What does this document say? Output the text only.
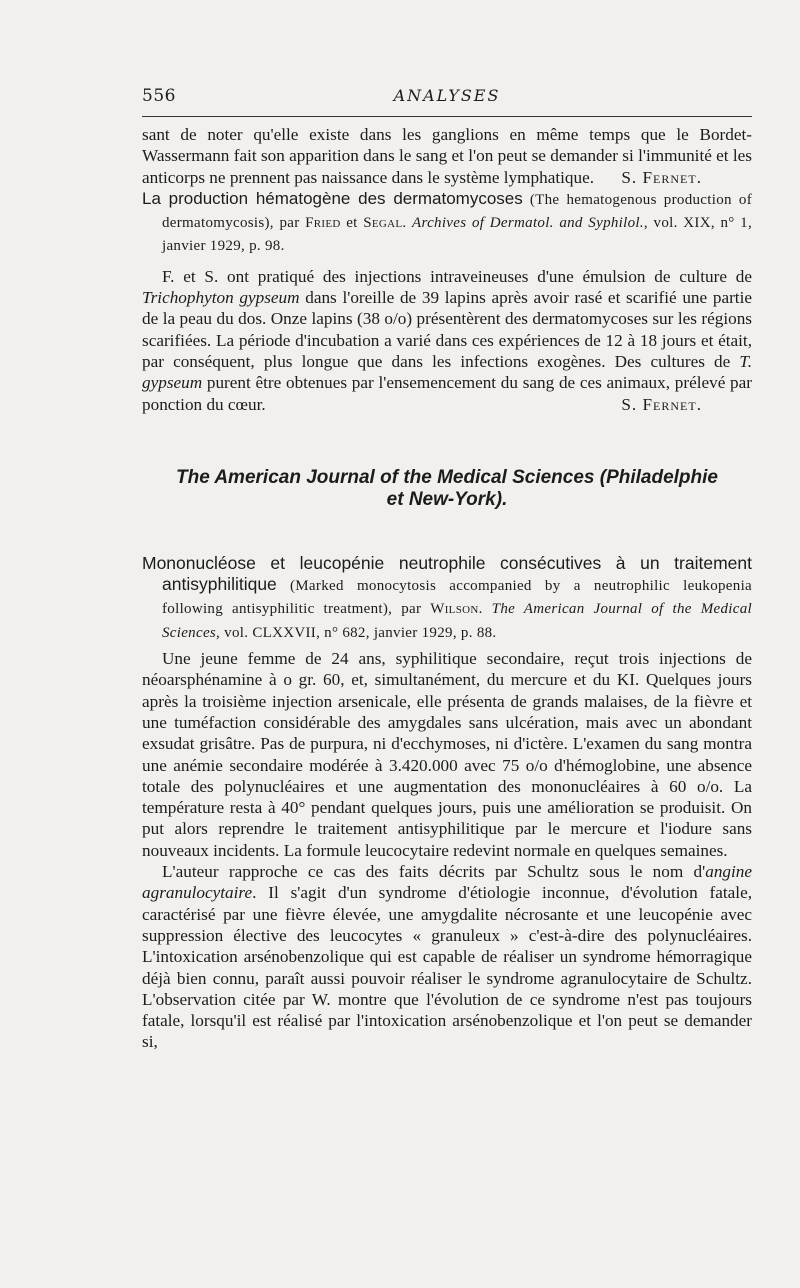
556	ANALYSES

sant de noter qu'elle existe dans les ganglions en même temps que le Bordet-Wassermann fait son apparition dans le sang et l'on peut se demander si l'immunité et les anticorps ne prennent pas naissance dans le système lymphatique. S. Fernet.

La production hématogène des dermatomycoses (The hematogenous production of dermatomycosis), par Fried et Segal. Archives of Dermatol. and Syphilol., vol. XIX, n° 1, janvier 1929, p. 98.

F. et S. ont pratiqué des injections intraveineuses d'une émulsion de culture de Trichophyton gypseum dans l'oreille de 39 lapins après avoir rasé et scarifié une partie de la peau du dos. Onze lapins (38 o/o) présentèrent des dermatomycoses sur les régions scarifiées. La période d'incubation a varié dans ces expériences de 12 à 18 jours et était, par conséquent, plus longue que dans les infections exogènes. Des cultures de T. gypseum purent être obtenues par l'ensemencement du sang de ces animaux, prélevé par ponction du cœur.	S. Fernet.

The American Journal of the Medical Sciences (Philadelphie
et New-York).

Mononucléose et leucopénie neutrophile consécutives à un traitement antisyphilitique (Marked monocytosis accompanied by a neutrophilic leukopenia following antisyphilitic treatment), par Wilson. The American Journal of the Medical Sciences, vol. CLXXVII, n° 682, janvier 1929, p. 88.

Une jeune femme de 24 ans, syphilitique secondaire, reçut trois injections de néoarsphénamine à o gr. 60, et, simultanément, du mercure et du KI. Quelques jours après la troisième injection arsenicale, elle présenta de grands malaises, de la fièvre et une tuméfaction considérable des amygdales sans ulcération, mais avec un abondant exsudat grisâtre. Pas de purpura, ni d'ecchymoses, ni d'ictère. L'examen du sang montra une anémie secondaire modérée à 3.420.000 avec 75 o/o d'hémoglobine, une absence totale des polynucléaires et une augmentation des mononucléaires à 60 o/o. La température resta à 40° pendant quelques jours, puis une amélioration se produisit. On put alors reprendre le traitement antisyphilitique par le mercure et l'iodure sans nouveaux incidents. La formule leucocytaire redevint normale en quelques semaines.

L'auteur rapproche ce cas des faits décrits par Schultz sous le nom d'angine agranulocytaire. Il s'agit d'un syndrome d'étiologie inconnue, d'évolution fatale, caractérisé par une fièvre élevée, une amygdalite nécrosante et une leucopénie avec suppression élective des leucocytes « granuleux » c'est-à-dire des polynucléaires. L'intoxication arsénobenzolique qui est capable de réaliser un syndrome hémorragique déjà bien connu, paraît aussi pouvoir réaliser le syndrome agranulocytaire de Schultz. L'observation citée par W. montre que l'évolution de ce syndrome n'est pas toujours fatale, lorsqu'il est réalisé par l'intoxication arsénobenzolique et l'on peut se demander si,
